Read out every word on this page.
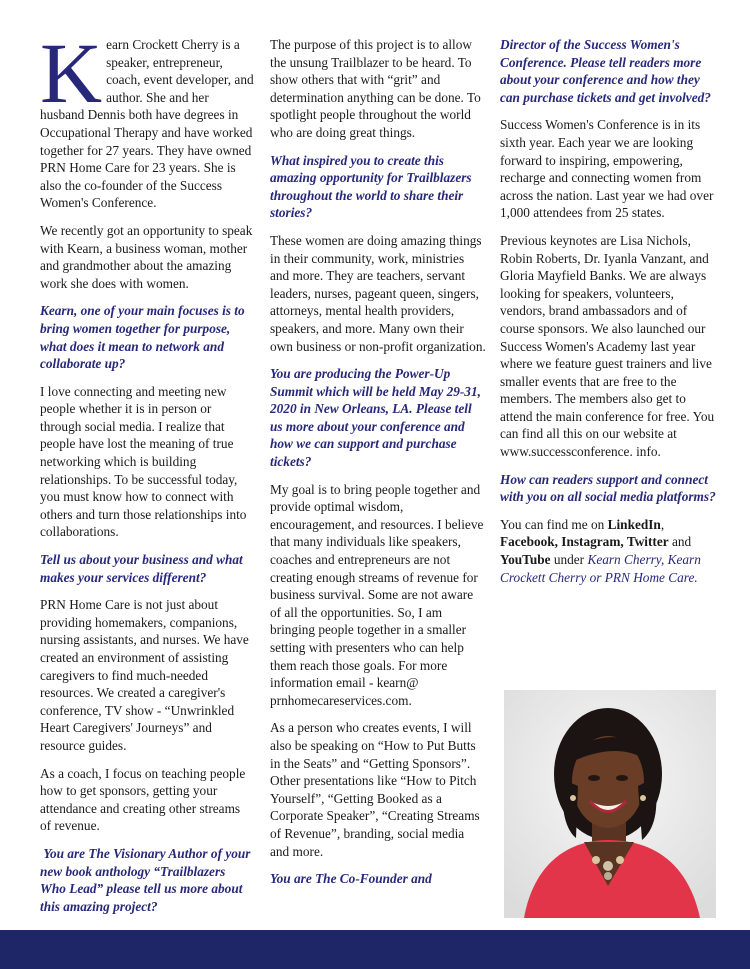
Kearn Crockett Cherry is a speaker, entrepreneur, coach, event developer, and author. She and her husband Dennis both have degrees in Occupational Therapy and have worked together for 27 years. They have owned PRN Home Care for 23 years. She is also the co-founder of the Success Women's Conference.

We recently got an opportunity to speak with Kearn, a business woman, mother and grandmother about the amazing work she does with women.

Kearn, one of your main focuses is to bring women together for purpose, what does it mean to network and collaborate up?

I love connecting and meeting new people whether it is in person or through social media. I realize that people have lost the meaning of true networking which is building relationships. To be successful today, you must know how to connect with others and turn those relationships into collaborations.

Tell us about your business and what makes your services different?

PRN Home Care is not just about providing homemakers, companions, nursing assistants, and nurses. We have created an environment of assisting caregivers to find much-needed resources. We created a caregiver's conference, TV show - “Unwrinkled Heart Caregivers' Journeys” and resource guides.

As a coach, I focus on teaching people how to get sponsors, getting your attendance and creating other streams of revenue.

You are The Visionary Author of your new book anthology “Trailblazers Who Lead” please tell us more about this amazing project?

The purpose of this project is to allow the unsung Trailblazer to be heard. To show others that with “grit” and determination anything can be done. To spotlight people throughout the world who are doing great things.

What inspired you to create this amazing opportunity for Trailblazers throughout the world to share their stories?

These women are doing amazing things in their community, work, ministries and more. They are teachers, servant leaders, nurses, pageant queen, singers, attorneys, mental health providers, speakers, and more. Many own their own business or non-profit organization.

You are producing the Power-Up Summit which will be held May 29-31, 2020 in New Orleans, LA. Please tell us more about your conference and how we can support and purchase tickets?

My goal is to bring people together and provide optimal wisdom, encouragement, and resources. I believe that many individuals like speakers, coaches and entrepreneurs are not creating enough streams of revenue for business survival. Some are not aware of all the opportunities. So, I am bringing people together in a smaller setting with presenters who can help them reach those goals. For more information email - kearn@ prnhomecareservices.com.

As a person who creates events, I will also be speaking on “How to Put Butts in the Seats” and “Getting Sponsors”. Other presentations like “How to Pitch Yourself”, “Getting Booked as a Corporate Speaker”, “Creating Streams of Revenue”, branding, social media and more.

You are The Co-Founder and

Director of the Success Women's Conference. Please tell readers more about your conference and how they can purchase tickets and get involved?

Success Women's Conference is in its sixth year. Each year we are looking forward to inspiring, empowering, recharge and connecting women from across the nation. Last year we had over 1,000 attendees from 25 states.

Previous keynotes are Lisa Nichols, Robin Roberts, Dr. Iyanla Vanzant, and Gloria Mayfield Banks. We are always looking for speakers, volunteers, vendors, brand ambassadors and of course sponsors. We also launched our Success Women's Academy last year where we feature guest trainers and live smaller events that are free to the members. The members also get to attend the main conference for free. You can find all this on our website at www.successconference. info.

How can readers support and connect with you on all social media platforms?

You can find me on LinkedIn, Facebook, Instagram, Twitter and YouTube under Kearn Cherry, Kearn Crockett Cherry or PRN Home Care.
